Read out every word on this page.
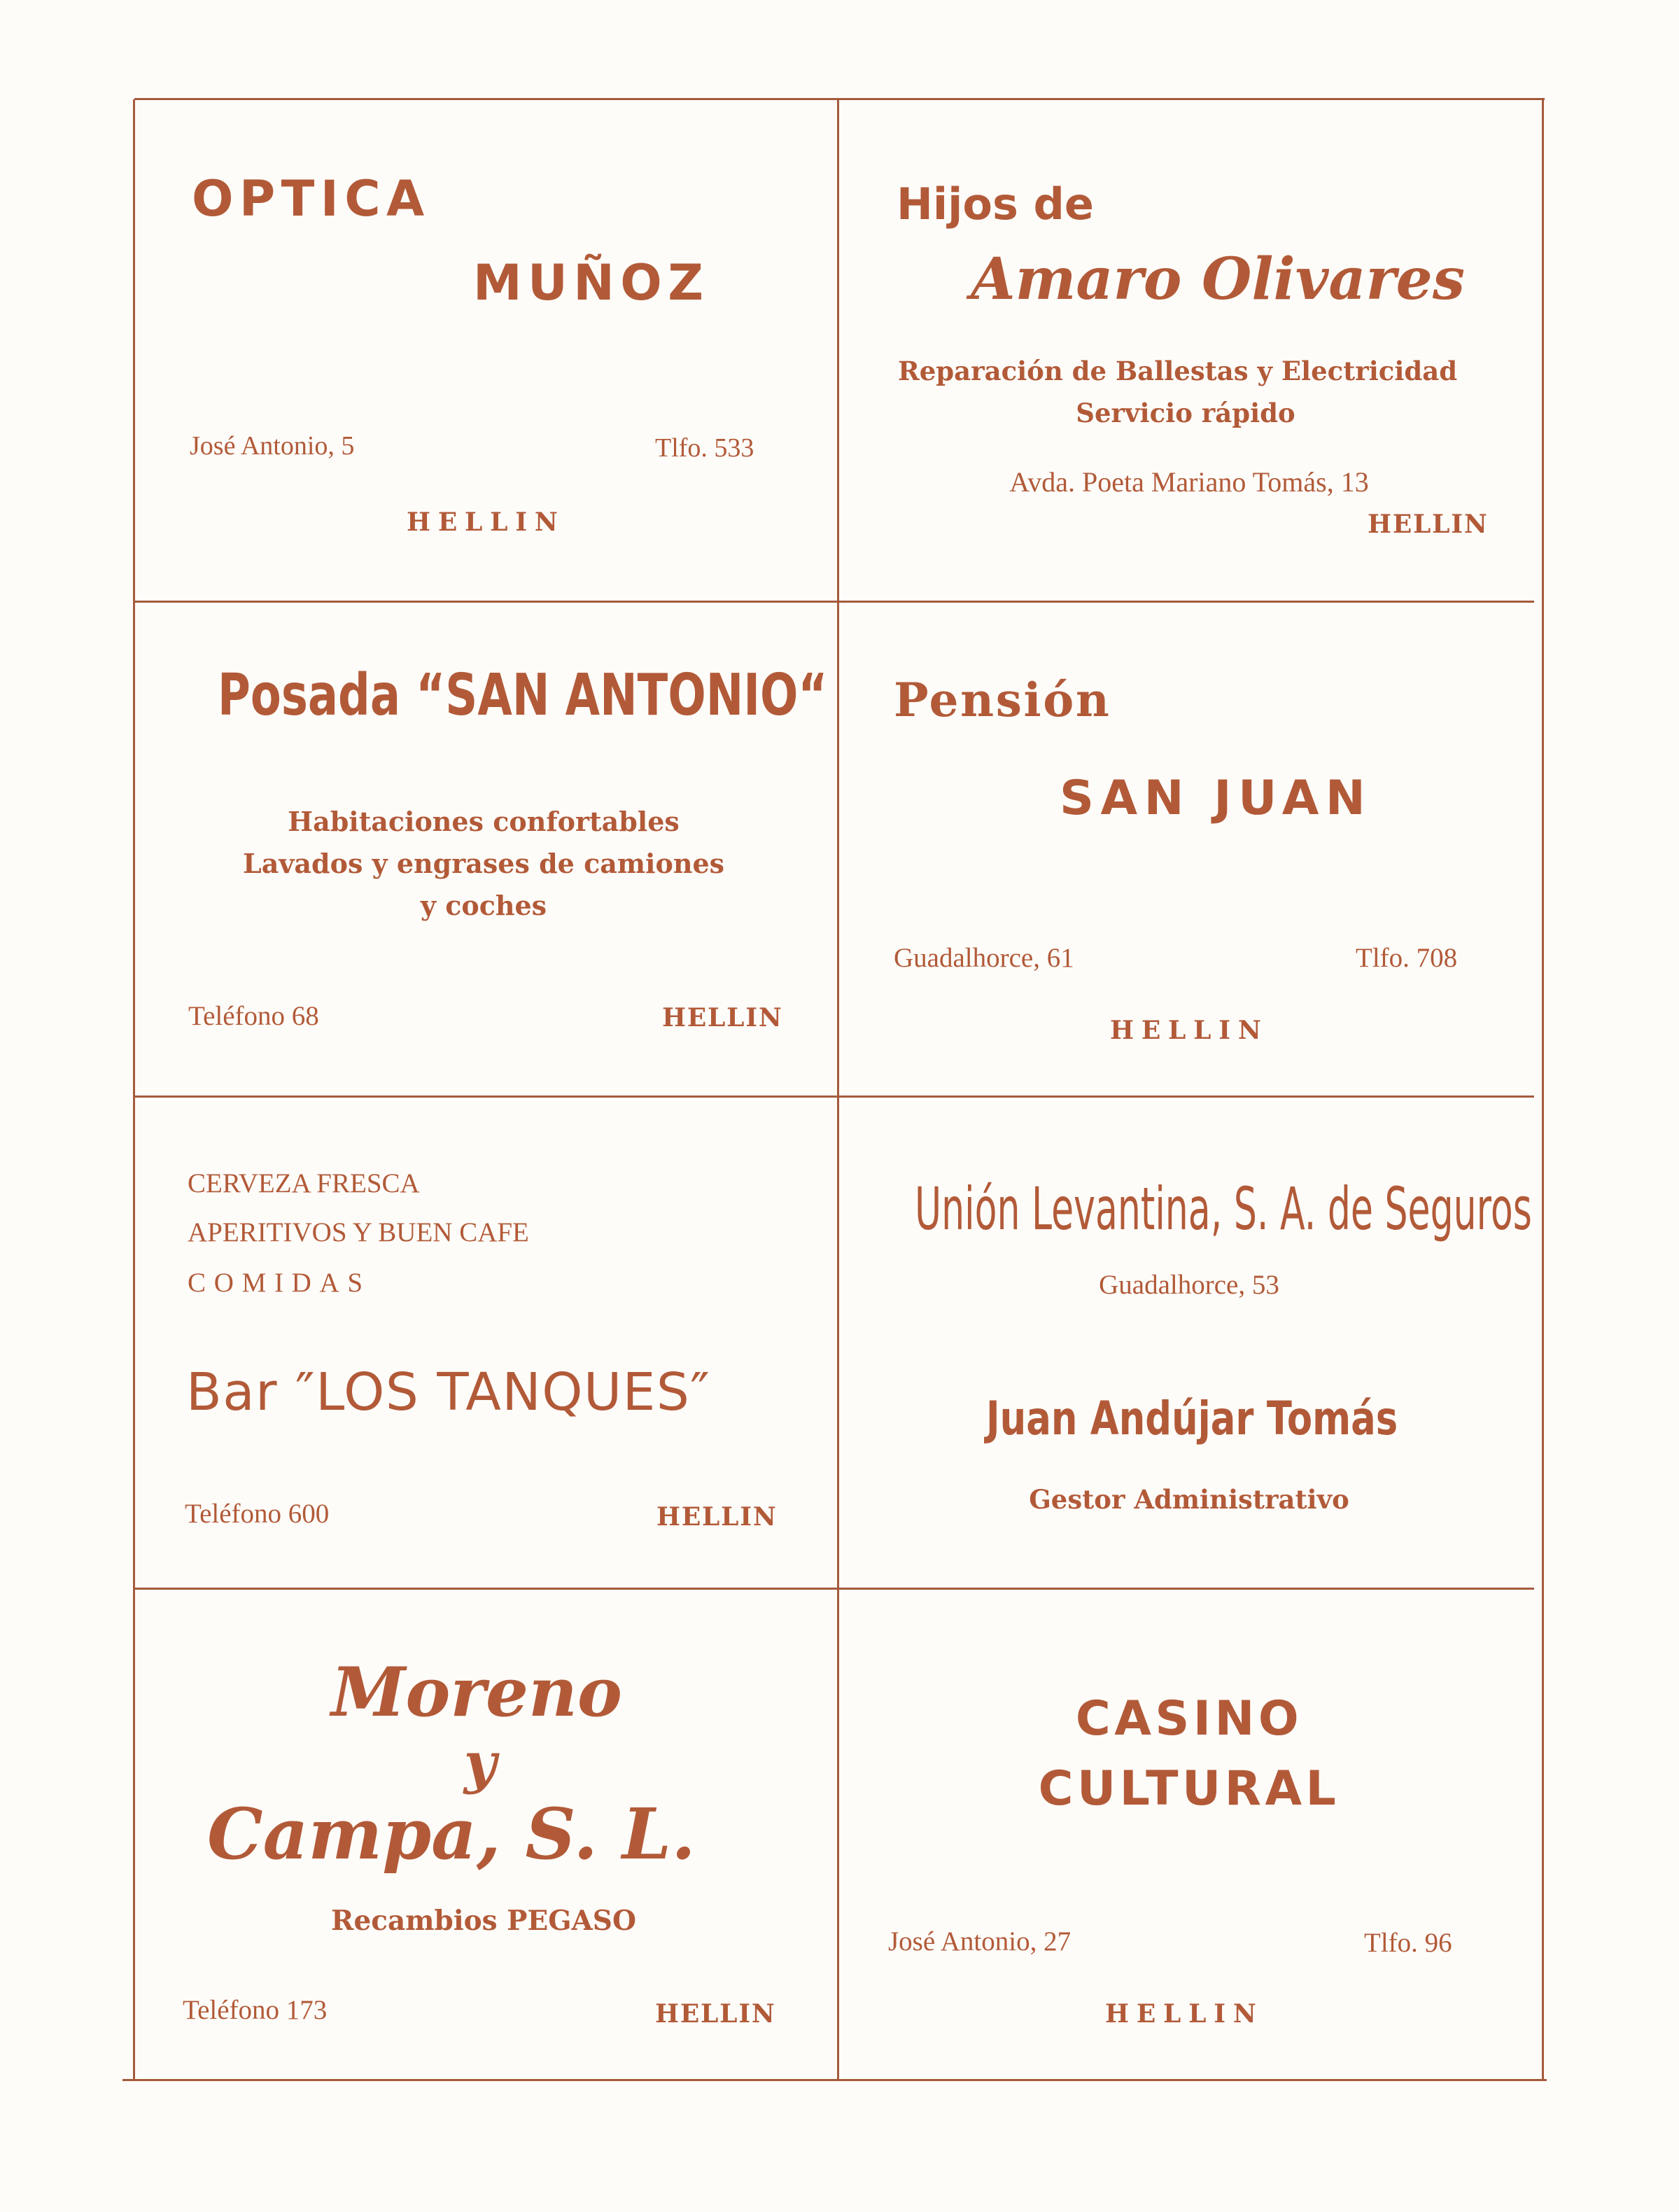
OPTICA
MUÑOZ
José Antonio, 5	Tlfo. 533
HELLIN
Hijos de
Amaro Olivares
Reparación de Ballestas y Electricidad
Servicio rápido
Avda. Poeta Mariano Tomás, 13
HELLIN
Posada “SAN ANTONIO“
Habitaciones confortables
Lavados y engrases de camiones
y coches
Teléfono 68	HELLIN
Pensión
SAN JUAN
Guadalhorce, 61	Tlfo. 708
HELLIN
CERVEZA FRESCA
APERITIVOS Y BUEN CAFE
COMIDAS
Bar ″LOS TANQUES″
Teléfono 600	HELLIN
Unión Levantina, S. A. de Seguros
Guadalhorce, 53
Juan Andújar Tomás
Gestor Administrativo
Moreno
y
Campa, S. L.
Recambios PEGASO
Teléfono 173	HELLIN
CASINO
CULTURAL
José Antonio, 27	Tlfo. 96
HELLIN
